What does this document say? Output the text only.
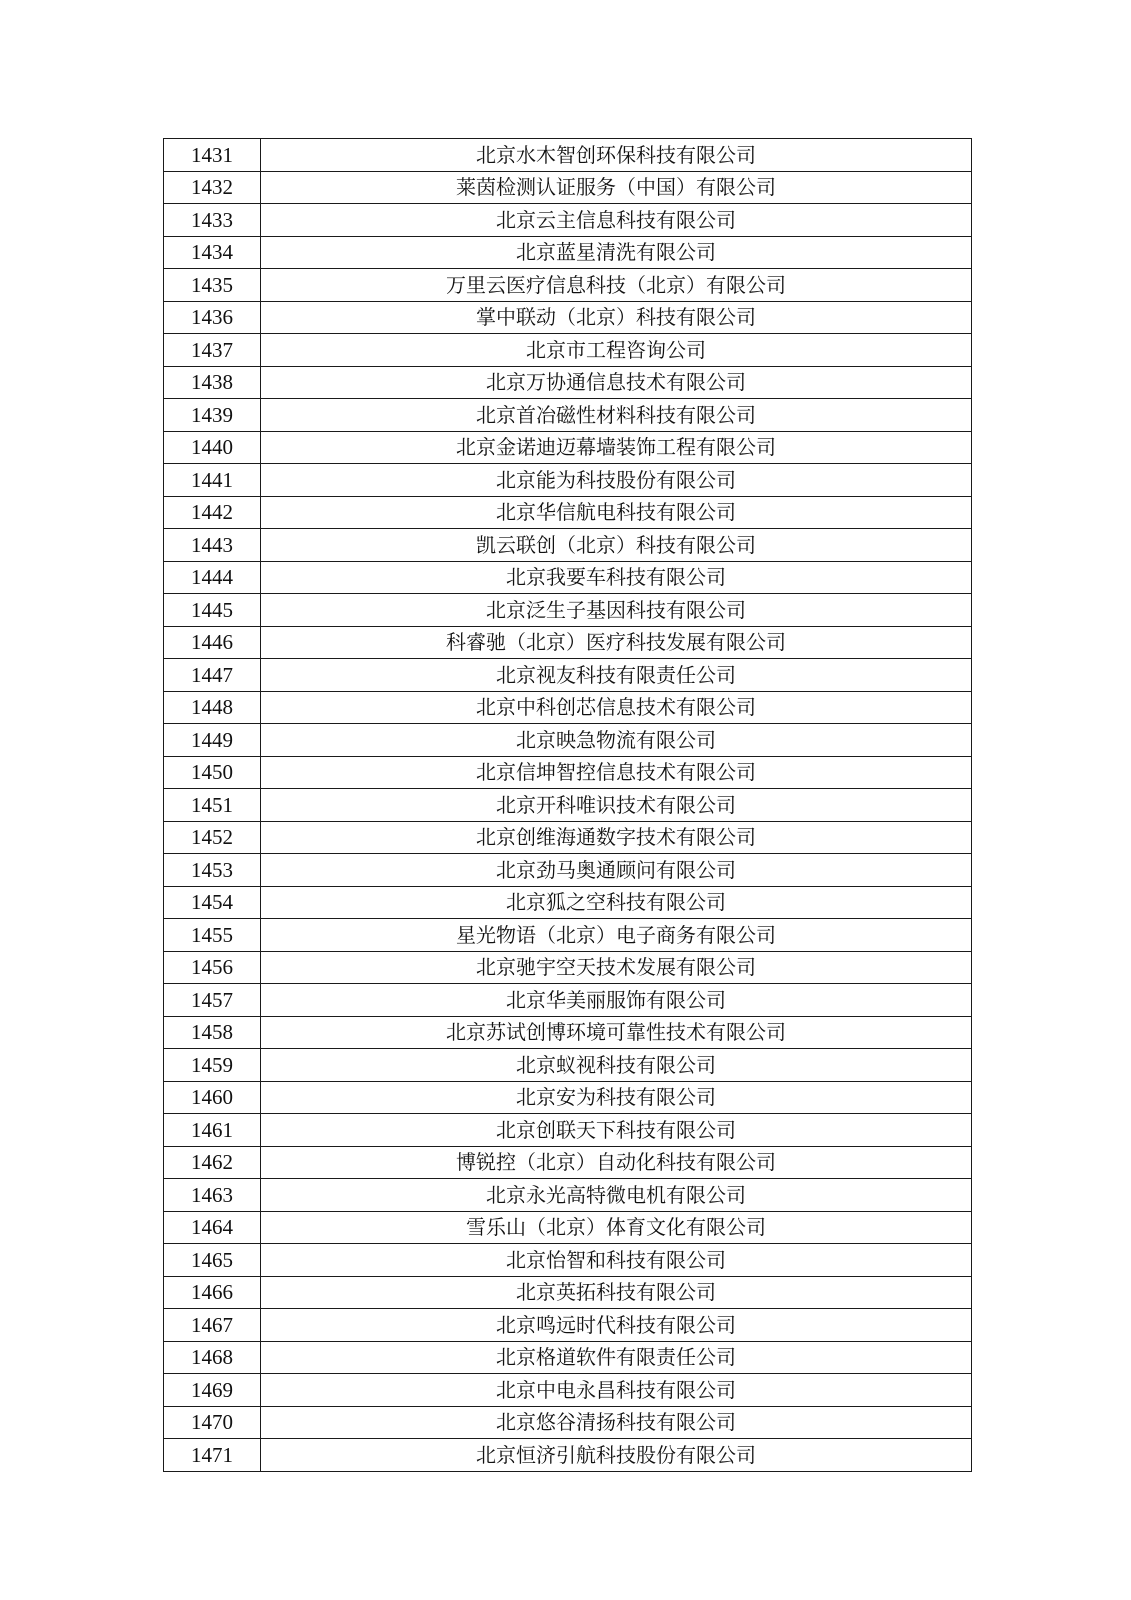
1431	北京水木智创环保科技有限公司
1432	莱茵检测认证服务（中国）有限公司
1433	北京云主信息科技有限公司
1434	北京蓝星清洗有限公司
1435	万里云医疗信息科技（北京）有限公司
1436	掌中联动（北京）科技有限公司
1437	北京市工程咨询公司
1438	北京万协通信息技术有限公司
1439	北京首冶磁性材料科技有限公司
1440	北京金诺迪迈幕墙装饰工程有限公司
1441	北京能为科技股份有限公司
1442	北京华信航电科技有限公司
1443	凯云联创（北京）科技有限公司
1444	北京我要车科技有限公司
1445	北京泛生子基因科技有限公司
1446	科睿驰（北京）医疗科技发展有限公司
1447	北京视友科技有限责任公司
1448	北京中科创芯信息技术有限公司
1449	北京映急物流有限公司
1450	北京信坤智控信息技术有限公司
1451	北京开科唯识技术有限公司
1452	北京创维海通数字技术有限公司
1453	北京劲马奥通顾问有限公司
1454	北京狐之空科技有限公司
1455	星光物语（北京）电子商务有限公司
1456	北京驰宇空天技术发展有限公司
1457	北京华美丽服饰有限公司
1458	北京苏试创博环境可靠性技术有限公司
1459	北京蚁视科技有限公司
1460	北京安为科技有限公司
1461	北京创联天下科技有限公司
1462	博锐控（北京）自动化科技有限公司
1463	北京永光高特微电机有限公司
1464	雪乐山（北京）体育文化有限公司
1465	北京怡智和科技有限公司
1466	北京英拓科技有限公司
1467	北京鸣远时代科技有限公司
1468	北京格道软件有限责任公司
1469	北京中电永昌科技有限公司
1470	北京悠谷清扬科技有限公司
1471	北京恒济引航科技股份有限公司
